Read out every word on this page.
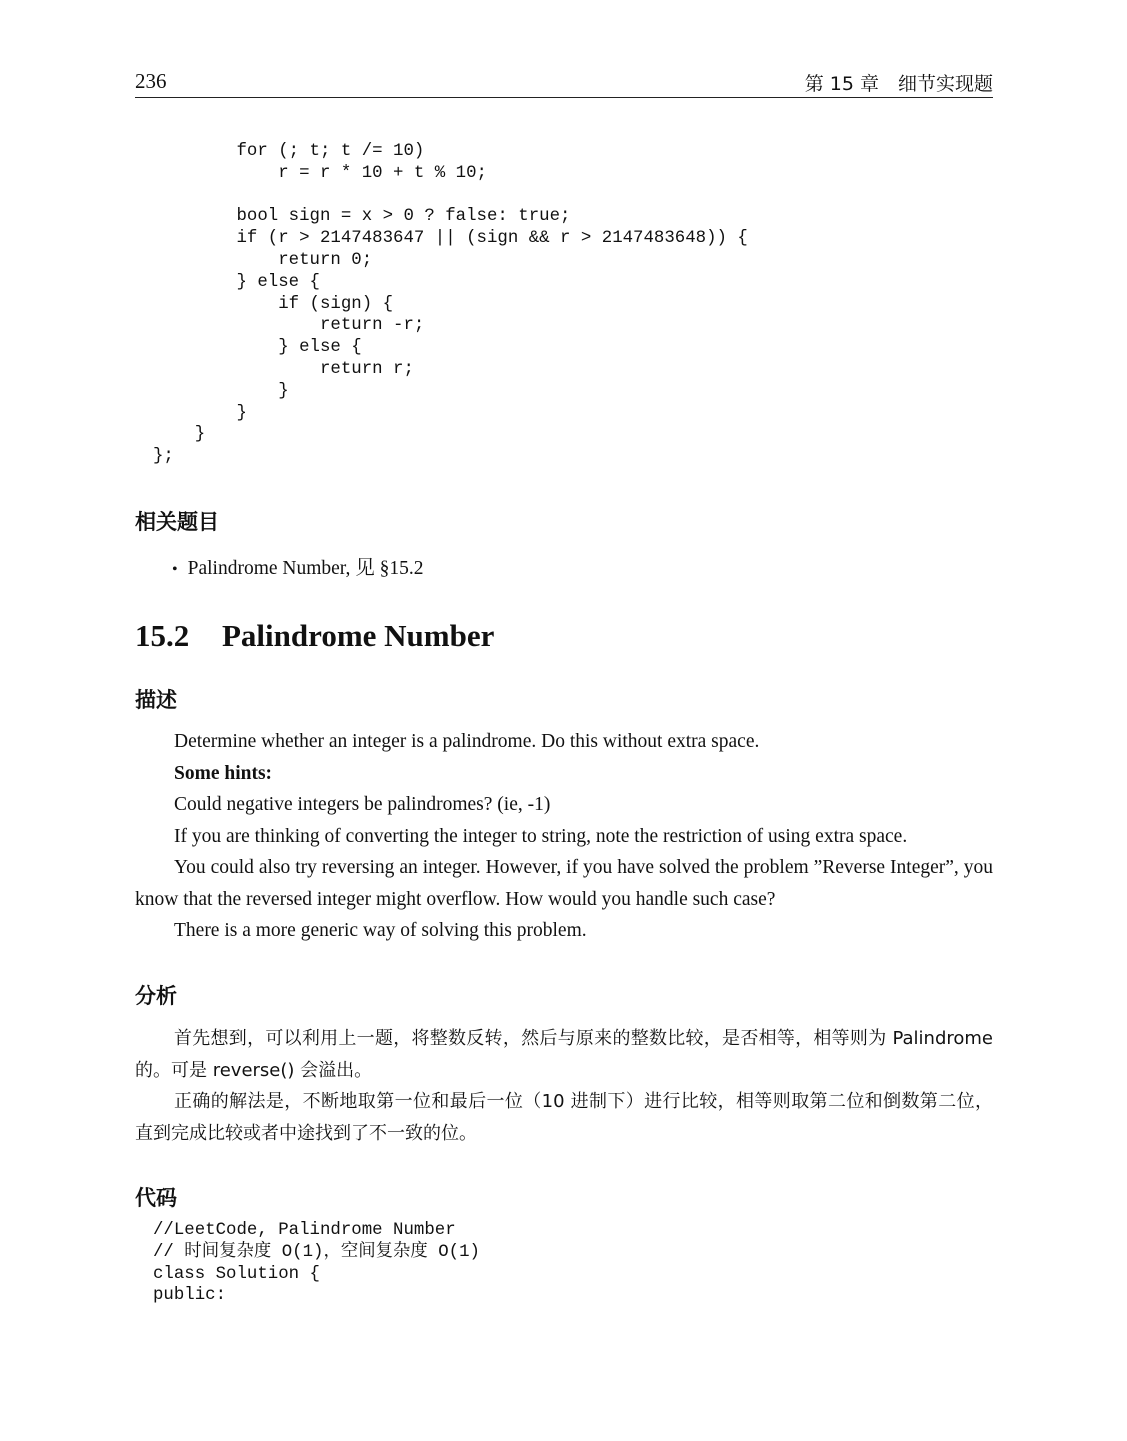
236	第 15 章　细节实现题
for (; t; t /= 10)
r = r * 10 + t % 10;

bool sign = x > 0 ? false: true;
if (r > 2147483647 || (sign && r > 2147483648)) {
return 0;
} else {
if (sign) {
return -r;
} else {
return r;
}
}
}
};
相关题目
• Palindrome Number, 见 §15.2
15.2 Palindrome Number
描述

Determine whether an integer is a palindrome. Do this without extra space.

Some hints:

Could negative integers be palindromes? (ie, -1)

If you are thinking of converting the integer to string, note the restriction of using extra space.

You could also try reversing an integer. However, if you have solved the problem ”Reverse Integer”, you know that the reversed integer might overflow. How would you handle such case?

There is a more generic way of solving this problem.

分析

首先想到，可以利用上一题，将整数反转，然后与原来的整数比较，是否相等，相等则为 Palindrome 的。可是 reverse() 会溢出。

正确的解法是，不断地取第一位和最后一位（10 进制下）进行比较，相等则取第二位和倒数第二位，直到完成比较或者中途找到了不一致的位。

代码
//LeetCode, Palindrome Number
// 时间复杂度 O(1)，空间复杂度 O(1)
class Solution {
public:
